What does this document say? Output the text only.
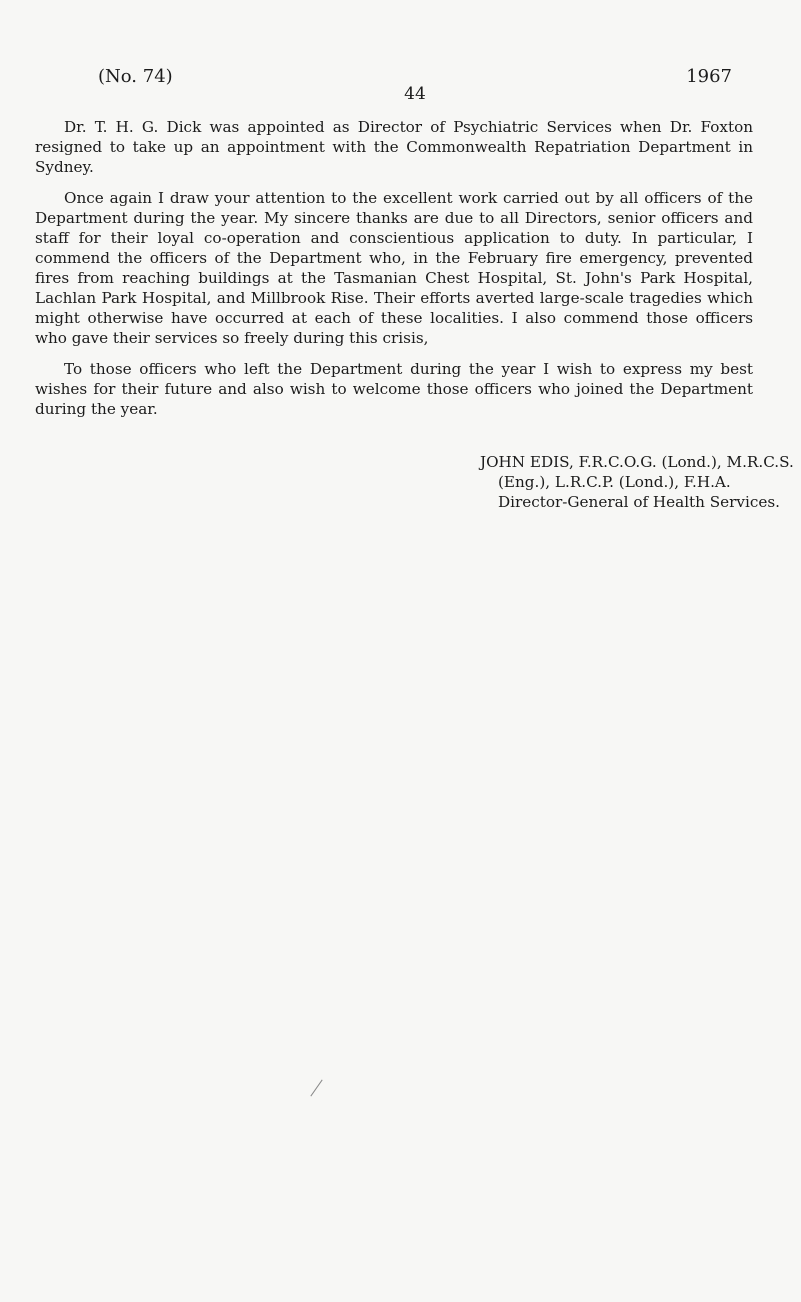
(No. 74)	1967
44

Dr. T. H. G. Dick was appointed as Director of Psychiatric Services when Dr. Foxton resigned to take up an appointment with the Commonwealth Repatriation Department in Sydney.

Once again I draw your attention to the excellent work carried out by all officers of the Department during the year. My sincere thanks are due to all Directors, senior officers and staff for their loyal co-operation and conscientious application to duty. In particular, I commend the officers of the Department who, in the February fire emergency, prevented fires from reaching buildings at the Tasmanian Chest Hospital, St. John's Park Hospital, Lachlan Park Hospital, and Millbrook Rise. Their efforts averted large-scale tragedies which might otherwise have occurred at each of these localities. I also commend those officers who gave their services so freely during this crisis,

To those officers who left the Department during the year I wish to express my best wishes for their future and also wish to welcome those officers who joined the Department during the year.

JOHN EDIS, F.R.C.O.G. (Lond.), M.R.C.S.
(Eng.), L.R.C.P. (Lond.), F.H.A.
Director-General of Health Services.
